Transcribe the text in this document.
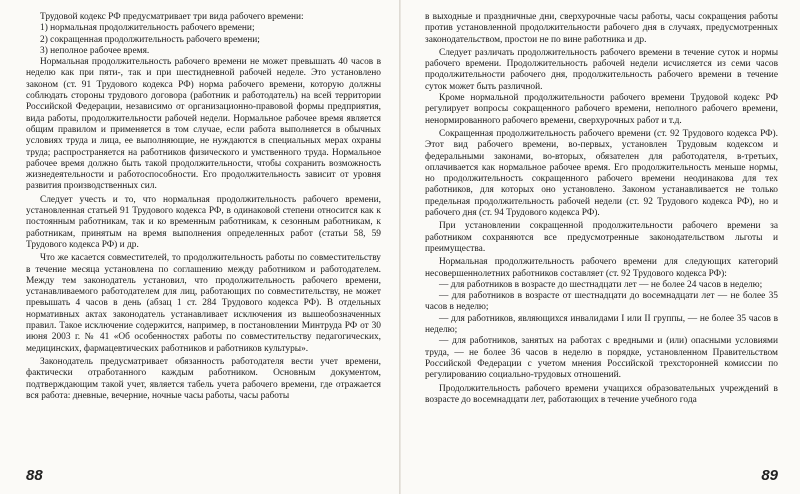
Трудовой кодекс РФ предусматривает три вида рабочего времени:

1) нормальная продолжительность рабочего времени;

2) сокращенная продолжительность рабочего времени;

3) неполное рабочее время.

Нормальная продолжительность рабочего времени не может превышать 40 часов в неделю как при пяти-, так и при шестидневной рабочей неделе. Это установлено законом (ст. 91 Трудового кодекса РФ) норма рабочего времени, которую должны соблюдать стороны трудового договора (работник и работодатель) на всей территории Российской Федерации, независимо от организационно-правовой формы предприятия, вида работы, продолжительности рабочей недели. Нормальное рабочее время является общим правилом и применяется в том случае, если работа выполняется в обычных условиях труда и лица, ее выполняющие, не нуждаются в специальных мерах охраны труда; распространяется на работников физического и умственного труда. Нормальное рабочее время должно быть такой продолжительности, чтобы сохранить возможность жизнедеятельности и работоспособности. Его продолжительность зависит от уровня развития производственных сил.

Следует учесть и то, что нормальная продолжительность рабочего времени, установленная статьей 91 Трудового кодекса РФ, в одинаковой степени относится как к постоянным работникам, так и ко временным работникам, к сезонным работникам, к работникам, принятым на время выполнения определенных работ (статьи 58, 59 Трудового кодекса РФ) и др.

Что же касается совместителей, то продолжительность работы по совместительству в течение месяца установлена по соглашению между работником и работодателем. Между тем законодатель установил, что продолжительность рабочего времени, устанавливаемого работодателем для лиц, работающих по совместительству, не может превышать 4 часов в день (абзац 1 ст. 284 Трудового кодекса РФ). В отдельных нормативных актах законодатель устанавливает исключения из вышеобозначенных правил. Такое исключение содержится, например, в постановлении Минтруда РФ от 30 июня 2003 г. № 41 «Об особенностях работы по совместительству педагогических, медицинских, фармацевтических работников и работников культуры».

Законодатель предусматривает обязанность работодателя вести учет времени, фактически отработанного каждым работником. Основным документом, подтверждающим такой учет, является табель учета рабочего времени, где отражается вся работа: дневные, вечерние, ночные часы работы, часы работы

88

в выходные и праздничные дни, сверхурочные часы работы, часы сокращения работы против установленной продолжительности рабочего дня в случаях, предусмотренных законодательством, простои не по вине работника и др.

Следует различать продолжительность рабочего времени в течение суток и нормы рабочего времени. Продолжительность рабочей недели исчисляется из семи часов продолжительности рабочего дня, продолжительность рабочего времени в течение суток может быть различной.

Кроме нормальной продолжительности рабочего времени Трудовой кодекс РФ регулирует вопросы сокращенного рабочего времени, неполного рабочего времени, ненормированного рабочего времени, сверхурочных работ и т.д.

Сокращенная продолжительность рабочего времени (ст. 92 Трудового кодекса РФ). Этот вид рабочего времени, во-первых, установлен Трудовым кодексом и федеральными законами, во-вторых, обязателен для работодателя, в-третьих, оплачивается как нормальное рабочее время. Его продолжительность меньше нормы, но продолжительность сокращенного рабочего времени неодинакова для тех работников, для которых оно установлено. Законом устанавливается не только предельная продолжительность рабочей недели (ст. 92 Трудового кодекса РФ), но и рабочего дня (ст. 94 Трудового кодекса РФ).

При установлении сокращенной продолжительности рабочего времени за работником сохраняются все предусмотренные законодательством льготы и преимущества.

Нормальная продолжительность рабочего времени для следующих категорий несовершеннолетних работников составляет (ст. 92 Трудового кодекса РФ):

— для работников в возрасте до шестнадцати лет — не более 24 часов в неделю;

— для работников в возрасте от шестнадцати до восемнадцати лет — не более 35 часов в неделю;

— для работников, являющихся инвалидами I или II группы, — не более 35 часов в неделю;

— для работников, занятых на работах с вредными и (или) опасными условиями труда, — не более 36 часов в неделю в порядке, установленном Правительством Российской Федерации с учетом мнения Российской трехсторонней комиссии по регулированию социально-трудовых отношений.

Продолжительность рабочего времени учащихся образовательных учреждений в возрасте до восемнадцати лет, работающих в течение учебного года

89
